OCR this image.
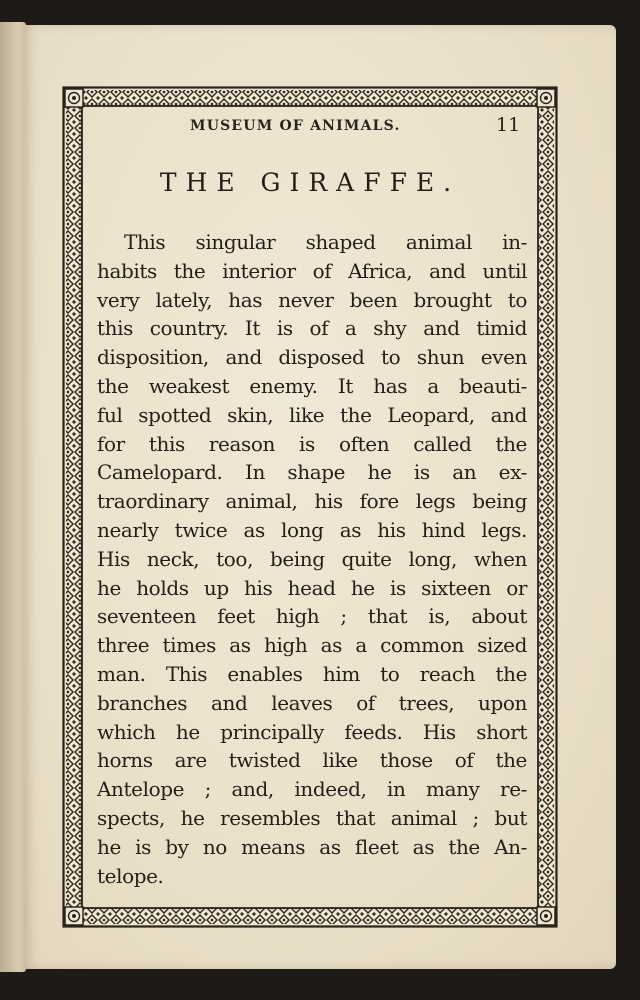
MUSEUM OF ANIMALS.	11
THE GIRAFFE.
This singular shaped animal in-
habits the interior of Africa, and until
very lately, has never been brought to
this country. It is of a shy and timid
disposition, and disposed to shun even
the weakest enemy. It has a beauti-
ful spotted skin, like the Leopard, and
for this reason is often called the
Camelopard. In shape he is an ex-
traordinary animal, his fore legs being
nearly twice as long as his hind legs.
His neck, too, being quite long, when
he holds up his head he is sixteen or
seventeen feet high ; that is, about
three times as high as a common sized
man. This enables him to reach the
branches and leaves of trees, upon
which he principally feeds. His short
horns are twisted like those of the
Antelope ; and, indeed, in many re-
spects, he resembles that animal ; but
he is by no means as fleet as the An-
telope.
